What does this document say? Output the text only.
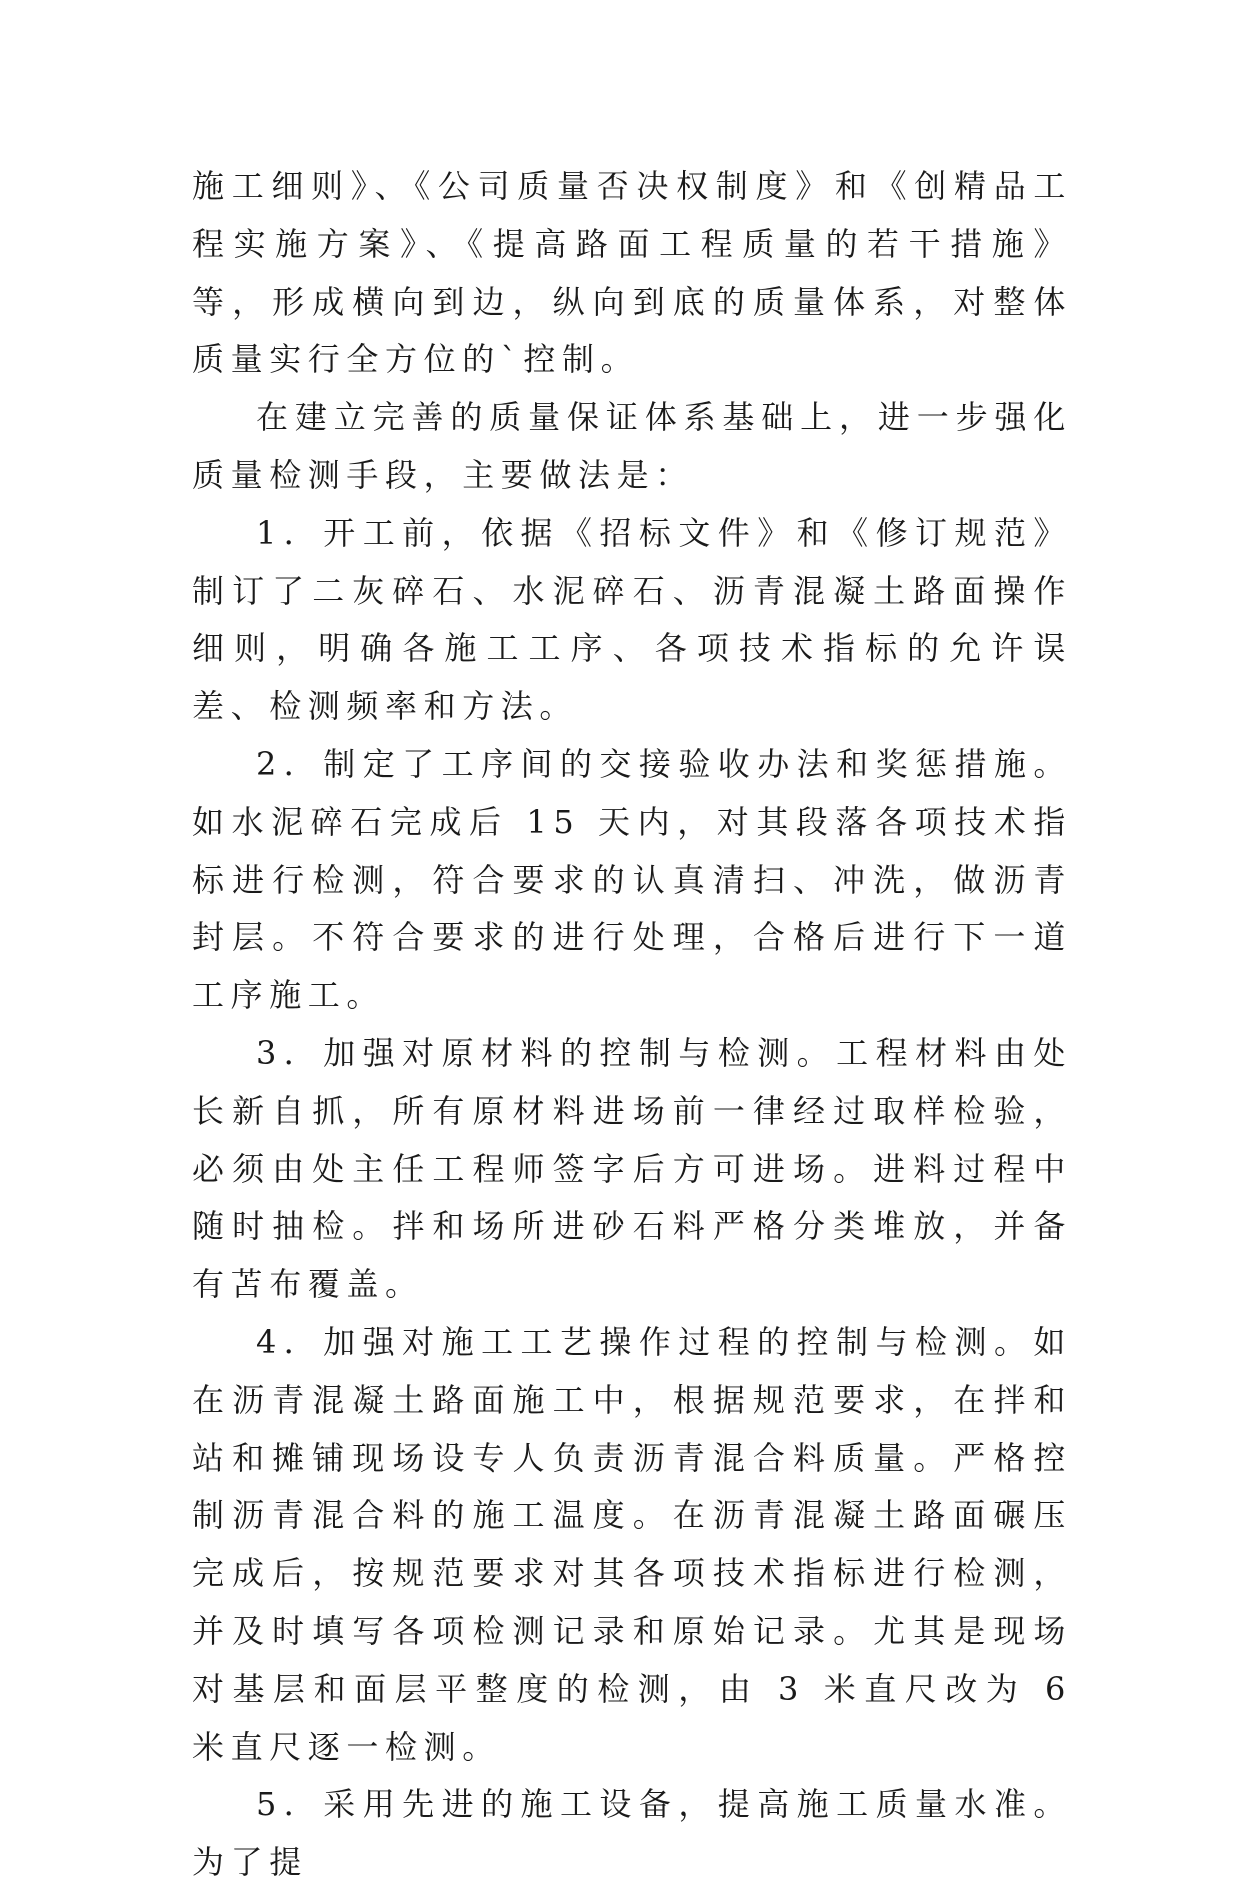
施工细则》、《公司质量否决权制度》和《创精品工程实施方案》、《提高路面工程质量的若干措施》等，形成横向到边，纵向到底的质量体系，对整体质量实行全方位的`控制。

在建立完善的质量保证体系基础上，进一步强化质量检测手段，主要做法是：

1．开工前，依据《招标文件》和《修订规范》制订了二灰碎石、水泥碎石、沥青混凝土路面操作细则，明确各施工工序、各项技术指标的允许误差、检测频率和方法。

2．制定了工序间的交接验收办法和奖惩措施。如水泥碎石完成后 15 天内，对其段落各项技术指标进行检测，符合要求的认真清扫、冲洗，做沥青封层。不符合要求的进行处理，合格后进行下一道工序施工。

3．加强对原材料的控制与检测。工程材料由处长新自抓，所有原材料进场前一律经过取样检验，必须由处主任工程师签字后方可进场。进料过程中随时抽检。拌和场所进砂石料严格分类堆放，并备有苫布覆盖。

4．加强对施工工艺操作过程的控制与检测。如在沥青混凝土路面施工中，根据规范要求，在拌和站和摊铺现场设专人负责沥青混合料质量。严格控制沥青混合料的施工温度。在沥青混凝土路面碾压完成后，按规范要求对其各项技术指标进行检测，并及时填写各项检测记录和原始记录。尤其是现场对基层和面层平整度的检测，由 3 米直尺改为 6 米直尺逐一检测。

5．采用先进的施工设备，提高施工质量水准。为了提
